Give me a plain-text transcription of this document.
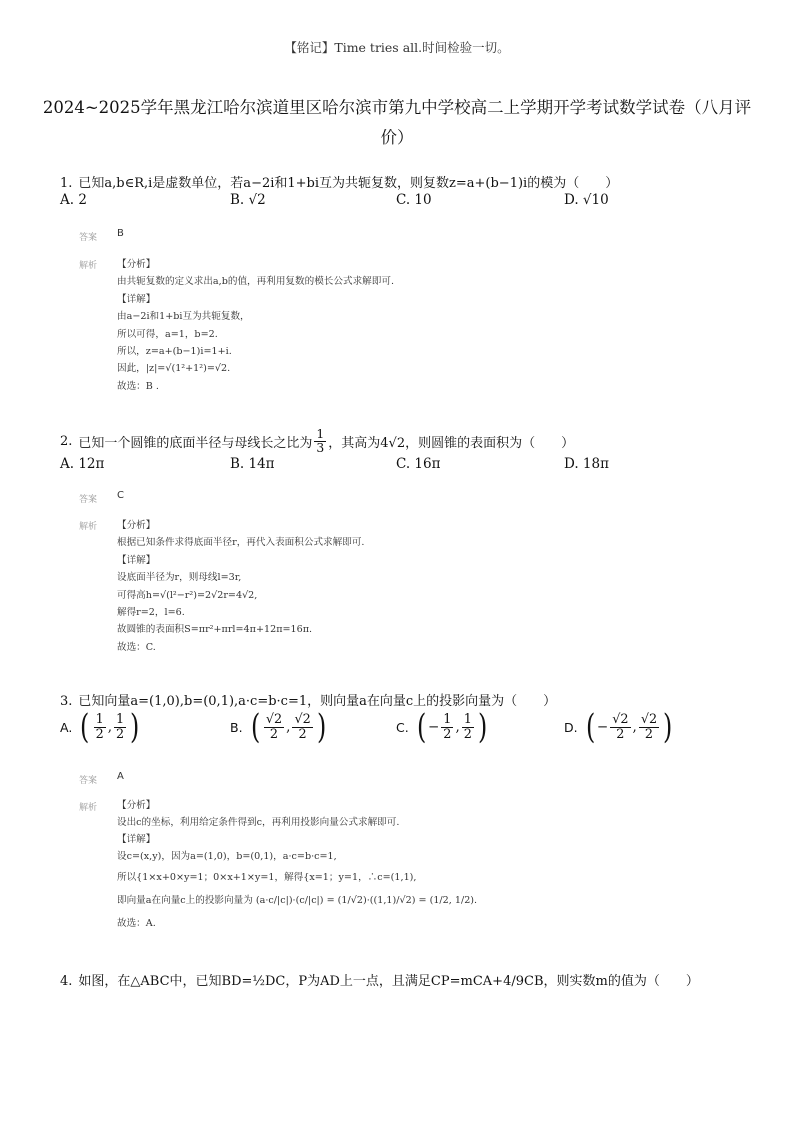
【铭记】Time tries all.时间检验一切。
2024~2025学年黑龙江哈尔滨道里区哈尔滨市第九中学校高二上学期开学考试数学试卷（八月评价）
1. 已知a,b∈R,i是虚数单位，若a−2i和1+bi互为共轭复数，则复数z=a+(b−1)i的模为（　　）
A. 2	B. √2	C. 10	D. √10
答案 B
解析 【分析】
由共轭复数的定义求出a,b的值，再利用复数的模长公式求解即可.
【详解】
由a−2i和1+bi互为共轭复数，
所以可得，a=1，b=2.
所以，z=a+(b−1)i=1+i.
因此，|z|=√(1²+1²)=√2.
故选：B .
2. 已知一个圆锥的底面半径与母线长之比为 $\frac{1}{3}$ ，其高为4√2，则圆锥的表面积为（　　）
A. 12π	B. 14π	C. 16π	D. 18π
答案 C
解析 【分析】
根据已知条件求得底面半径r，再代入表面积公式求解即可.
【详解】
设底面半径为r，则母线l=3r,
可得高h=√(l²−r²)=2√2r=4√2,
解得r=2，l=6.
故圆锥的表面积S=πr²+πrl=4π+12π=16π.
故选：C.
3. 已知向量a=(1,0),b=(0,1),a·c=b·c=1，则向量a在向量c上的投影向量为（　　）
A. ( $\frac{1}{2}$ , $\frac{1}{2}$ )	B. ( $\frac{√2}{2}$ , $\frac{√2}{2}$ )	C. ( − $\frac{1}{2}$ , $\frac{1}{2}$ )	D. ( − $\frac{√2}{2}$ , $\frac{√2}{2}$ )
答案 A
解析 【分析】
设出c的坐标，利用给定条件得到c，再利用投影向量公式求解即可.
【详解】
设c=(x,y)，因为a=(1,0)，b=(0,1)，a·c=b·c=1,
所以{1×x+0×y=1；0×x+1×y=1，解得{x=1；y=1，∴c=(1,1),
即向量a在向量c上的投影向量为 (a·c/|c|)·(c/|c|) = (1/√2)·((1,1)/√2) = (1/2, 1/2).
故选：A.
4. 如图，在△ABC中，已知BD=½DC，P为AD上一点，且满足CP=mCA+4/9CB，则实数m的值为（　　）
